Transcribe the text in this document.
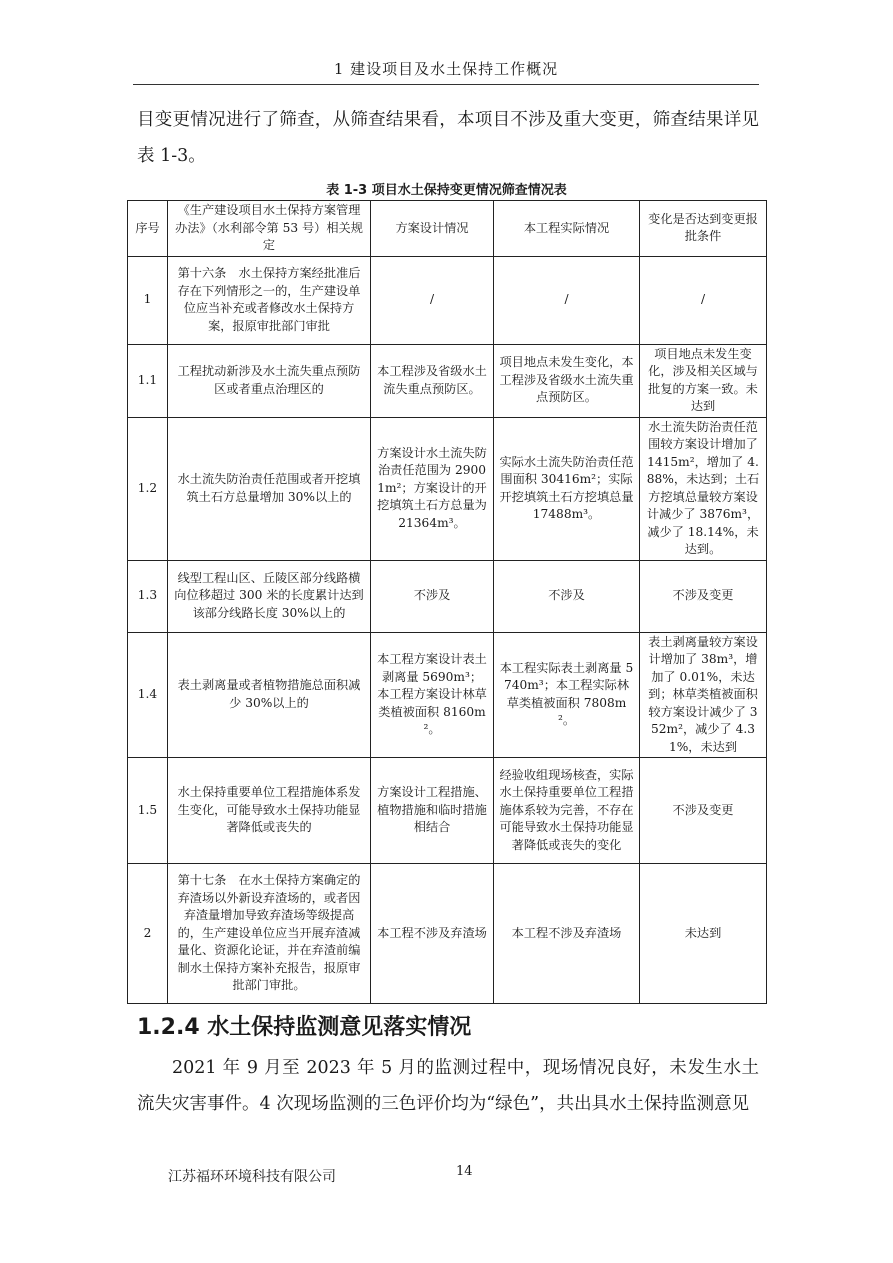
1 建设项目及水土保持工作概况

目变更情况进行了筛查，从筛查结果看，本项目不涉及重大变更，筛查结果详见表 1-3。

表 1-3 项目水土保持变更情况筛查情况表
序号	《生产建设项目水土保持方案管理办法》（水利部令第 53 号）相关规定	方案设计情况	本工程实际情况	变化是否达到变更报批条件
1	第十六条　水土保持方案经批准后存在下列情形之一的，生产建设单位应当补充或者修改水土保持方案，报原审批部门审批	/	/	/
1.1	工程扰动新涉及水土流失重点预防区或者重点治理区的	本工程涉及省级水土流失重点预防区。	项目地点未发生变化，本工程涉及省级水土流失重点预防区。	项目地点未发生变化，涉及相关区域与批复的方案一致。未达到
1.2	水土流失防治责任范围或者开挖填筑土石方总量增加 30%以上的	方案设计水土流失防治责任范围为 29001m²；方案设计的开挖填筑土石方总量为 21364m³。	实际水土流失防治责任范围面积 30416m²；实际开挖填筑土石方挖填总量 17488m³。	水土流失防治责任范围较方案设计增加了 1415m²，增加了 4.88%，未达到；土石方挖填总量较方案设计减少了 3876m³，减少了 18.14%，未达到。
1.3	线型工程山区、丘陵区部分线路横向位移超过 300 米的长度累计达到该部分线路长度 30%以上的	不涉及	不涉及	不涉及变更
1.4	表土剥离量或者植物措施总面积减少 30%以上的	本工程方案设计表土剥离量 5690m³；本工程方案设计林草类植被面积 8160m²。	本工程实际表土剥离量 5740m³；本工程实际林草类植被面积 7808m²。	表土剥离量较方案设计增加了 38m³，增加了 0.01%，未达到；林草类植被面积较方案设计减少了 352m²，减少了 4.31%，未达到
1.5	水土保持重要单位工程措施体系发生变化，可能导致水土保持功能显著降低或丧失的	方案设计工程措施、植物措施和临时措施相结合	经验收组现场核查，实际水土保持重要单位工程措施体系较为完善，不存在可能导致水土保持功能显著降低或丧失的变化	不涉及变更
2	第十七条　在水土保持方案确定的弃渣场以外新设弃渣场的，或者因弃渣量增加导致弃渣场等级提高的，生产建设单位应当开展弃渣减量化、资源化论证，并在弃渣前编制水土保持方案补充报告，报原审批部门审批。	本工程不涉及弃渣场	本工程不涉及弃渣场	未达到
1.2.4 水土保持监测意见落实情况

2021 年 9 月至 2023 年 5 月的监测过程中，现场情况良好，未发生水土流失灾害事件。4 次现场监测的三色评价均为“绿色”，共出具水土保持监测意见

江苏福环环境科技有限公司	14
